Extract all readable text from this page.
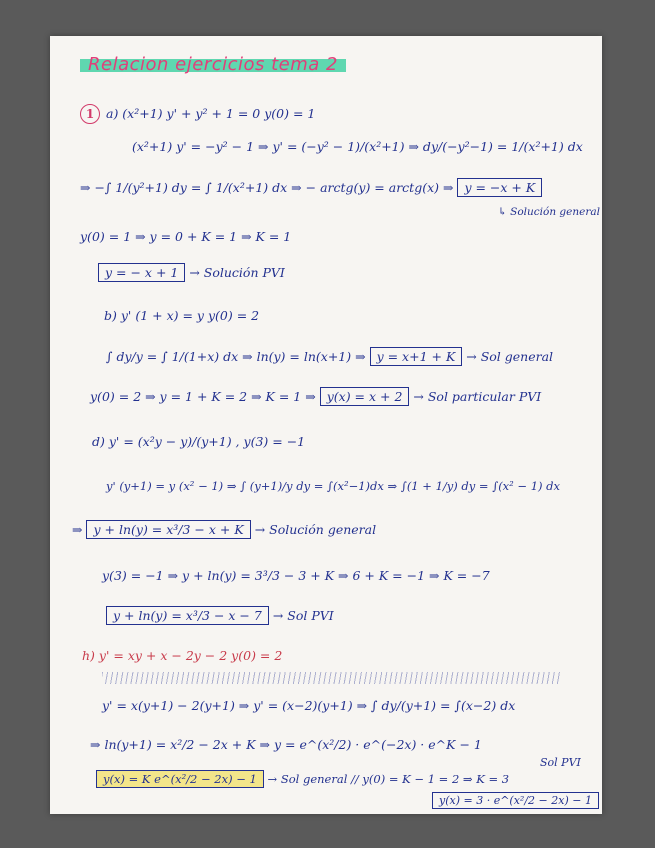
Relacion ejercicios tema 2
1 a) (x²+1) y' + y² + 1 = 0 y(0) = 1
(x²+1) y' = −y² − 1 ⇒ y' = (−y² − 1)/(x²+1) ⇒ dy/(−y²−1) = 1/(x²+1) dx
⇒ −∫ 1/(y²+1) dy = ∫ 1/(x²+1) dx ⇒ − arctg(y) = arctg(x) ⇒ y = −x + K
↳ Solución general
y(0) = 1 ⇒ y = 0 + K = 1 ⇒ K = 1
y = − x + 1 → Solución PVI
b) y' (1 + x) = y y(0) = 2
∫ dy/y = ∫ 1/(1+x) dx ⇒ ln(y) = ln(x+1) ⇒ y = x+1 + K → Sol general
y(0) = 2 ⇒ y = 1 + K = 2 ⇒ K = 1 ⇒ y(x) = x + 2 → Sol particular PVI
d) y' = (x²y − y)/(y+1) , y(3) = −1
y' (y+1) = y (x² − 1) ⇒ ∫ (y+1)/y dy = ∫(x²−1)dx ⇒ ∫(1 + 1/y) dy = ∫(x² − 1) dx
⇒ y + ln(y) = x³/3 − x + K → Solución general
y(3) = −1 ⇒ y + ln(y) = 3³/3 − 3 + K ⇒ 6 + K = −1 ⇒ K = −7
y + ln(y) = x³/3 − x − 7 → Sol PVI
h) y' = xy + x − 2y − 2 y(0) = 2
y' = x(y+1) − 2(y+1) ⇒ y' = (x−2)(y+1) ⇒ ∫ dy/(y+1) = ∫(x−2) dx
⇒ ln(y+1) = x²/2 − 2x + K ⇒ y = e^(x²/2) · e^(−2x) · e^K − 1
y(x) = K e^(x²/2 − 2x) − 1 → Sol general // y(0) = K − 1 = 2 ⇒ K = 3
Sol PVI
y(x) = 3 · e^(x²/2 − 2x) − 1
